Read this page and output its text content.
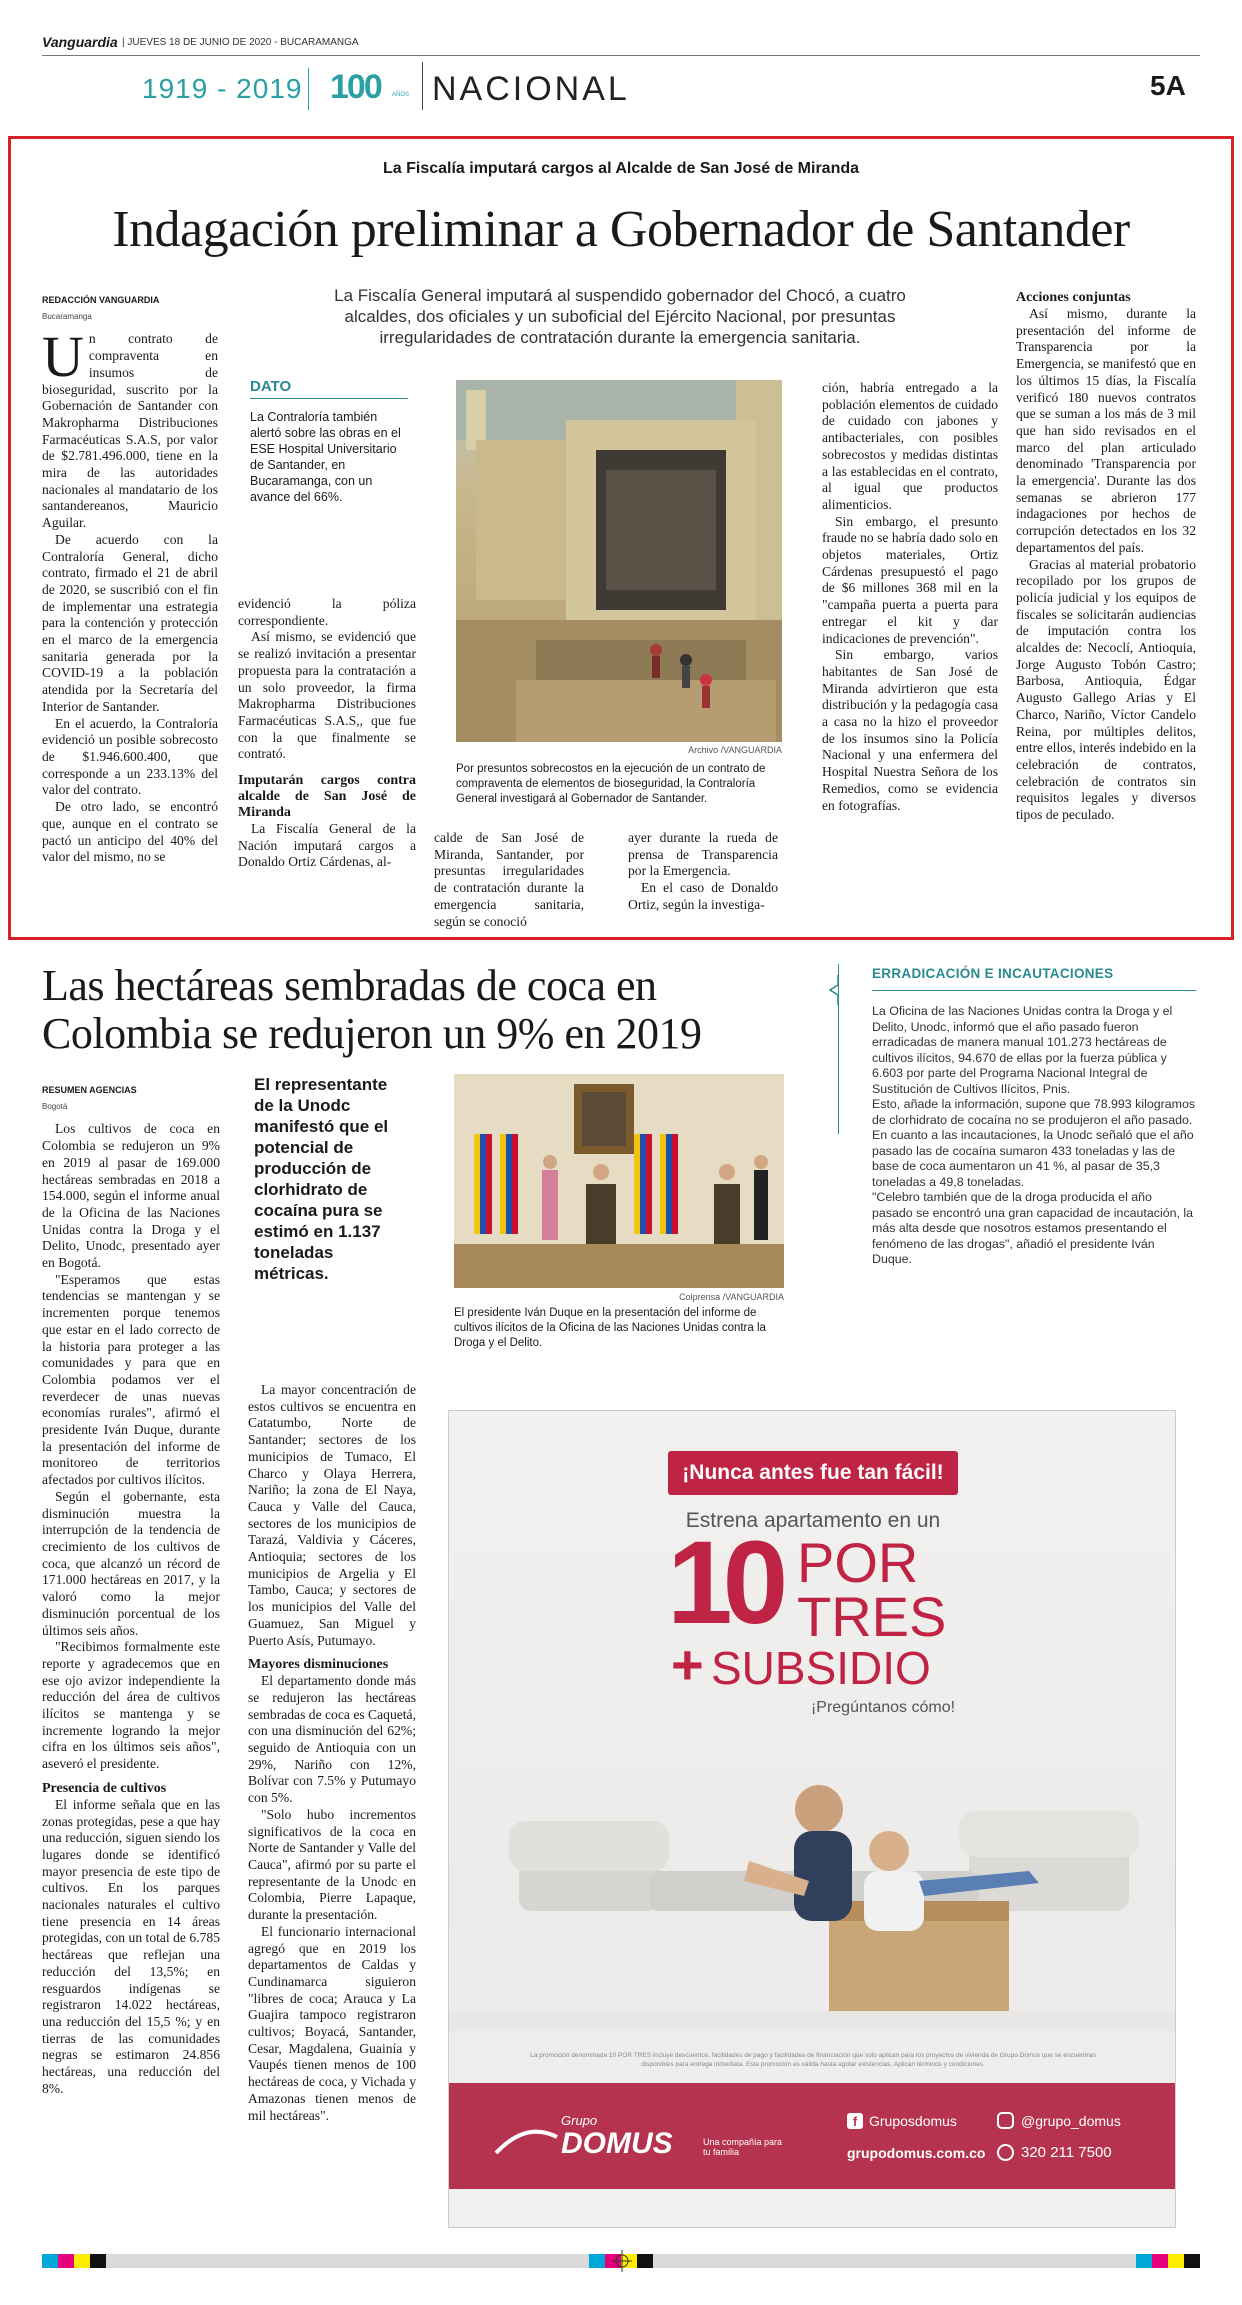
Vanguardia | JUEVES 18 DE JUNIO DE 2020 - BUCARAMANGA
1919 - 2019 100 AÑOS NACIONAL	5A
La Fiscalía imputará cargos al Alcalde de San José de Miranda
Indagación preliminar a Gobernador de Santander
REDACCIÓN VANGUARDIA
Bucaramanga

Un contrato de compraventa en insumos de bioseguridad, suscrito por la Gobernación de Santander con Makropharma Distribuciones Farmacéuticas S.A.S, por valor de $2.781.496.000, tiene en la mira de las autoridades nacionales al mandatario de los santandereanos, Mauricio Aguilar.

De acuerdo con la Contraloría General, dicho contrato, firmado el 21 de abril de 2020, se suscribió con el fin de implementar una estrategia para la contención y protección en el marco de la emergencia sanitaria generada por la COVID-19 a la población atendida por la Secretaría del Interior de Santander.

En el acuerdo, la Contraloría evidenció un posible sobrecosto de $1.946.600.400, que corresponde a un 233.13% del valor del contrato.

De otro lado, se encontró que, aunque en el contrato se pactó un anticipo del 40% del valor del mismo, no se

La Fiscalía General imputará al suspendido gobernador del Chocó, a cuatro alcaldes, dos oficiales y un suboficial del Ejército Nacional, por presuntas irregularidades de contratación durante la emergencia sanitaria.
DATO
La Contraloría también alertó sobre las obras en el ESE Hospital Universitario de Santander, en Bucaramanga, con un avance del 66%.

evidenció la póliza correspondiente.

Así mismo, se evidenció que se realizó invitación a presentar propuesta para la contratación a un solo proveedor, la firma Makropharma Distribuciones Farmacéuticas S.A.S,, que fue con la que finalmente se contrató.

Imputarán cargos contra alcalde de San José de Miranda

La Fiscalía General de la Nación imputará cargos a Donaldo Ortiz Cárdenas, al-

Archivo /VANGUARDIA
Por presuntos sobrecostos en la ejecución de un contrato de compraventa de elementos de bioseguridad, la Contraloría General investigará al Gobernador de Santander.

calde de San José de Miranda, Santander, por presuntas irregularidades de contratación durante la emergencia sanitaria, según se conoció

ayer durante la rueda de prensa de Transparencia por la Emergencia.

En el caso de Donaldo Ortiz, según la investiga-

ción, habría entregado a la población elementos de cuidado de cuidado con jabones y antibacteriales, con posibles sobrecostos y medidas distintas a las establecidas en el contrato, al igual que productos alimenticios.

Sin embargo, el presunto fraude no se habría dado solo en objetos materiales, Ortiz Cárdenas presupuestó el pago de $6 millones 368 mil en la "campaña puerta a puerta para entregar el kit y dar indicaciones de prevención".

Sin embargo, varios habitantes de San José de Miranda advirtieron que esta distribución y la pedagogía casa a casa no la hizo el proveedor de los insumos sino la Policía Nacional y una enfermera del Hospital Nuestra Señora de los Remedios, como se evidencia en fotografías.

Acciones conjuntas

Así mismo, durante la presentación del informe de Transparencia por la Emergencia, se manifestó que en los últimos 15 días, la Fiscalía verificó 180 nuevos contratos que se suman a los más de 3 mil que han sido revisados en el marco del plan articulado denominado 'Transparencia por la emergencia'. Durante las dos semanas se abrieron 177 indagaciones por hechos de corrupción detectados en los 32 departamentos del país.

Gracias al material probatorio recopilado por los grupos de policía judicial y los equipos de fiscales se solicitarán audiencias de imputación contra los alcaldes de: Necoclí, Antioquia, Jorge Augusto Tobón Castro; Barbosa, Antioquia, Édgar Augusto Gallego Arias y El Charco, Nariño, Víctor Candelo Reina, por múltiples delitos, entre ellos, interés indebido en la celebración de contratos, celebración de contratos sin requisitos legales y diversos tipos de peculado.

Las hectáreas sembradas de coca en Colombia se redujeron un 9% en 2019
RESUMEN AGENCIAS
Bogotá

Los cultivos de coca en Colombia se redujeron un 9% en 2019 al pasar de 169.000 hectáreas sembradas en 2018 a 154.000, según el informe anual de la Oficina de las Naciones Unidas contra la Droga y el Delito, Unodc, presentado ayer en Bogotá.

"Esperamos que estas tendencias se mantengan y se incrementen porque tenemos que estar en el lado correcto de la historia para proteger a las comunidades y para que en Colombia podamos ver el reverdecer de unas nuevas economías rurales", afirmó el presidente Iván Duque, durante la presentación del informe de monitoreo de territorios afectados por cultivos ilícitos.

Según el gobernante, esta disminución muestra la interrupción de la tendencia de crecimiento de los cultivos de coca, que alcanzó un récord de 171.000 hectáreas en 2017, y la valoró como la mejor disminución porcentual de los últimos seis años.

"Recibimos formalmente este reporte y agradecemos que en ese ojo avizor independiente la reducción del área de cultivos ilícitos se mantenga y se incremente logrando la mejor cifra en los últimos seis años", aseveró el presidente.

Presencia de cultivos

El informe señala que en las zonas protegidas, pese a que hay una reducción, siguen siendo los lugares donde se identificó mayor presencia de este tipo de cultivos. En los parques nacionales naturales el cultivo tiene presencia en 14 áreas protegidas, con un total de 6.785 hectáreas que reflejan una reducción del 13,5%; en resguardos indígenas se registraron 14.022 hectáreas, una reducción del 15,5 %; y en tierras de las comunidades negras se estimaron 24.856 hectáreas, una reducción del 8%.

El representante de la Unodc manifestó que el potencial de producción de clorhidrato de cocaína pura se estimó en 1.137 toneladas métricas.
Colprensa /VANGUARDIA
El presidente Iván Duque en la presentación del informe de cultivos ilícitos de la Oficina de las Naciones Unidas contra la Droga y el Delito.

La mayor concentración de estos cultivos se encuentra en Catatumbo, Norte de Santander; sectores de los municipios de Tumaco, El Charco y Olaya Herrera, Nariño; la zona de El Naya, Cauca y Valle del Cauca, sectores de los municipios de Tarazá, Valdivia y Cáceres, Antioquia; sectores de los municipios de Argelia y El Tambo, Cauca; y sectores de los municipios del Valle del Guamuez, San Miguel y Puerto Asís, Putumayo.

Mayores disminuciones

El departamento donde más se redujeron las hectáreas sembradas de coca es Caquetá, con una disminución del 62%; seguido de Antioquia con un 29%, Nariño con 12%, Bolívar con 7.5% y Putumayo con 5%.

"Solo hubo incrementos significativos de la coca en Norte de Santander y Valle del Cauca", afirmó por su parte el representante de la Unodc en Colombia, Pierre Lapaque, durante la presentación.

El funcionario internacional agregó que en 2019 los departamentos de Caldas y Cundinamarca siguieron "libres de coca; Arauca y La Guajira tampoco registraron cultivos; Boyacá, Santander, Cesar, Magdalena, Guainía y Vaupés tienen menos de 100 hectáreas de coca, y Vichada y Amazonas tienen menos de mil hectáreas".

ERRADICACIÓN E INCAUTACIONES

La Oficina de las Naciones Unidas contra la Droga y el Delito, Unodc, informó que el año pasado fueron erradicadas de manera manual 101.273 hectáreas de cultivos ilícitos, 94.670 de ellas por la fuerza pública y 6.603 por parte del Programa Nacional Integral de Sustitución de Cultivos Ilícitos, Pnis.

Esto, añade la información, supone que 78.993 kilogramos de clorhidrato de cocaína no se produjeron el año pasado.

En cuanto a las incautaciones, la Unodc señaló que el año pasado las de cocaína sumaron 433 toneladas y las de base de coca aumentaron un 41 %, al pasar de 35,3 toneladas a 49,8 toneladas.

"Celebro también que de la droga producida el año pasado se encontró una gran capacidad de incautación, la más alta desde que nosotros estamos presentando el fenómeno de las drogas", añadió el presidente Iván Duque.

¡Nunca antes fue tan fácil!
Estrena apartamento en un
10 POR
TRES
+ SUBSIDIO
¡Pregúntanos cómo!
La promoción denominada 10 POR TRES incluye descuentos, facilidades de pago y facilidades de financiación que solo aplican para los proyectos de vivienda de Grupo Domus que se encuentran disponibles para entrega inmediata. Esta promoción es válida hasta agotar existencias. Aplican términos y condiciones.
Grupo
DOMUS	Una compañía para tu familia
f Gruposdomus	@grupo_domus
grupodomus.com.co 320 211 7500
